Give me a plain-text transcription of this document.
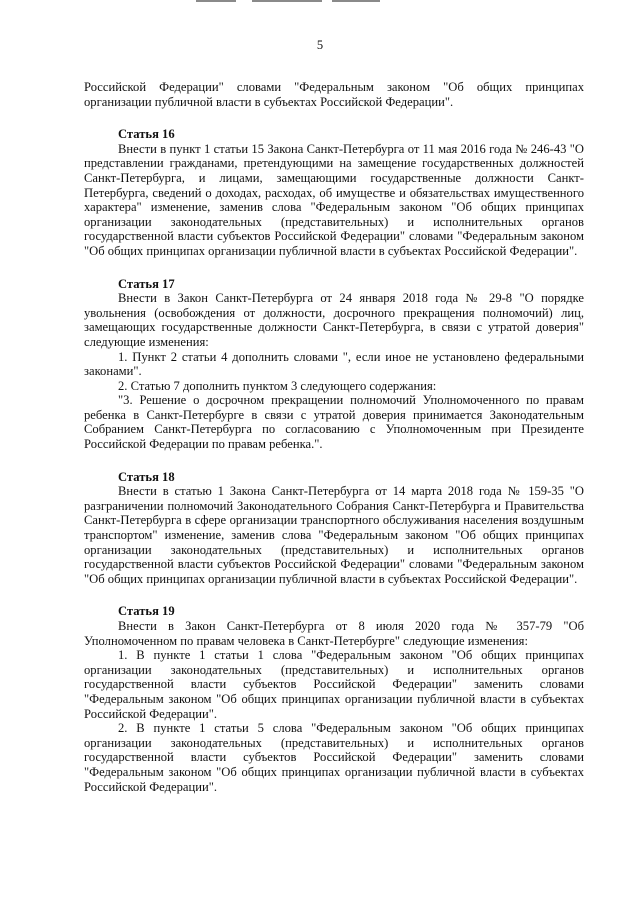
5

Российской Федерации" словами "Федеральным законом "Об общих принципах организации публичной власти в субъектах Российской Федерации".

Статья 16

Внести в пункт 1 статьи 15 Закона Санкт-Петербурга от 11 мая 2016 года № 246-43 "О представлении гражданами, претендующими на замещение государственных должностей Санкт-Петербурга, и лицами, замещающими государственные должности Санкт-Петербурга, сведений о доходах, расходах, об имуществе и обязательствах имущественного характера" изменение, заменив слова "Федеральным законом "Об общих принципах организации законодательных (представительных) и исполнительных органов государственной власти субъектов Российской Федерации" словами "Федеральным законом "Об общих принципах организации публичной власти в субъектах Российской Федерации".

Статья 17

Внести в Закон Санкт-Петербурга от 24 января 2018 года № 29-8 "О порядке увольнения (освобождения от должности, досрочного прекращения полномочий) лиц, замещающих государственные должности Санкт-Петербурга, в связи с утратой доверия" следующие изменения:

1. Пункт 2 статьи 4 дополнить словами ", если иное не установлено федеральными законами".

2. Статью 7 дополнить пунктом 3 следующего содержания:

"3. Решение о досрочном прекращении полномочий Уполномоченного по правам ребенка в Санкт-Петербурге в связи с утратой доверия принимается Законодательным Собранием Санкт-Петербурга по согласованию с Уполномоченным при Президенте Российской Федерации по правам ребенка.".

Статья 18

Внести в статью 1 Закона Санкт-Петербурга от 14 марта 2018 года № 159-35 "О разграничении полномочий Законодательного Собрания Санкт-Петербурга и Правительства Санкт-Петербурга в сфере организации транспортного обслуживания населения воздушным транспортом" изменение, заменив слова "Федеральным законом "Об общих принципах организации законодательных (представительных) и исполнительных органов государственной власти субъектов Российской Федерации" словами "Федеральным законом "Об общих принципах организации публичной власти в субъектах Российской Федерации".

Статья 19

Внести в Закон Санкт-Петербурга от 8 июля 2020 года № 357-79 "Об Уполномоченном по правам человека в Санкт-Петербурге" следующие изменения:

1. В пункте 1 статьи 1 слова "Федеральным законом "Об общих принципах организации законодательных (представительных) и исполнительных органов государственной власти субъектов Российской Федерации" заменить словами "Федеральным законом "Об общих принципах организации публичной власти в субъектах Российской Федерации".

2. В пункте 1 статьи 5 слова "Федеральным законом "Об общих принципах организации законодательных (представительных) и исполнительных органов государственной власти субъектов Российской Федерации" заменить словами "Федеральным законом "Об общих принципах организации публичной власти в субъектах Российской Федерации".
